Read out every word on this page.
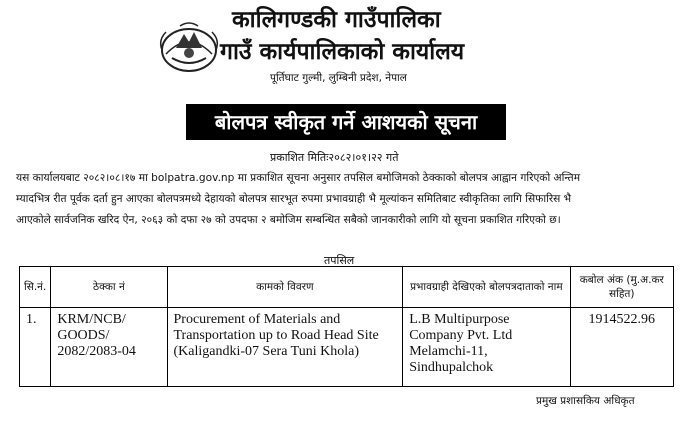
कालिगण्डकी गाउँपालिका
गाउँ कार्यपालिकाको कार्यालय
पूर्तिघाट गुल्मी, लुम्बिनी प्रदेश, नेपाल
बोलपत्र स्वीकृत गर्ने आशयको सूचना
प्रकाशित मितिः२०८२।०१।२२ गते

यस कार्यालयबाट २०८२।०८।१७ मा bolpatra.gov.np मा प्रकाशित सूचना अनुसार तपसिल बमोजिमको ठेक्काको बोलपत्र आह्वान गरिएको अन्तिम
म्यादभित्र रीत पूर्वक दर्ता हुन आएका बोलपत्रमध्ये देहायको बोलपत्र सारभूत रुपमा प्रभावग्राही भै मूल्यांकन समितिबाट स्वीकृतिका लागि सिफारिस भै
आएकोले सार्वजनिक खरिद ऐन, २०६३ को दफा २७ को उपदफा २ बमोजिम सम्बन्धित सबैको जानकारीको लागि यो सूचना प्रकाशित गरिएको छ।

तपसिल
सि.नं.	ठेक्का नं	कामको विवरण	प्रभावग्राही देखिएको बोलपत्रदाताको नाम	कबोल अंक (मु.अ.कर सहित)
1.	KRM/NCB/ GOODS/ 2082/2083-04	Procurement of Materials and Transportation up to Road Head Site (Kaligandki-07 Sera Tuni Khola)	L.B Multipurpose Company Pvt. Ltd Melamchi-11, Sindhupalchok	1914522.96
प्रमुख प्रशासकिय अधिकृत
